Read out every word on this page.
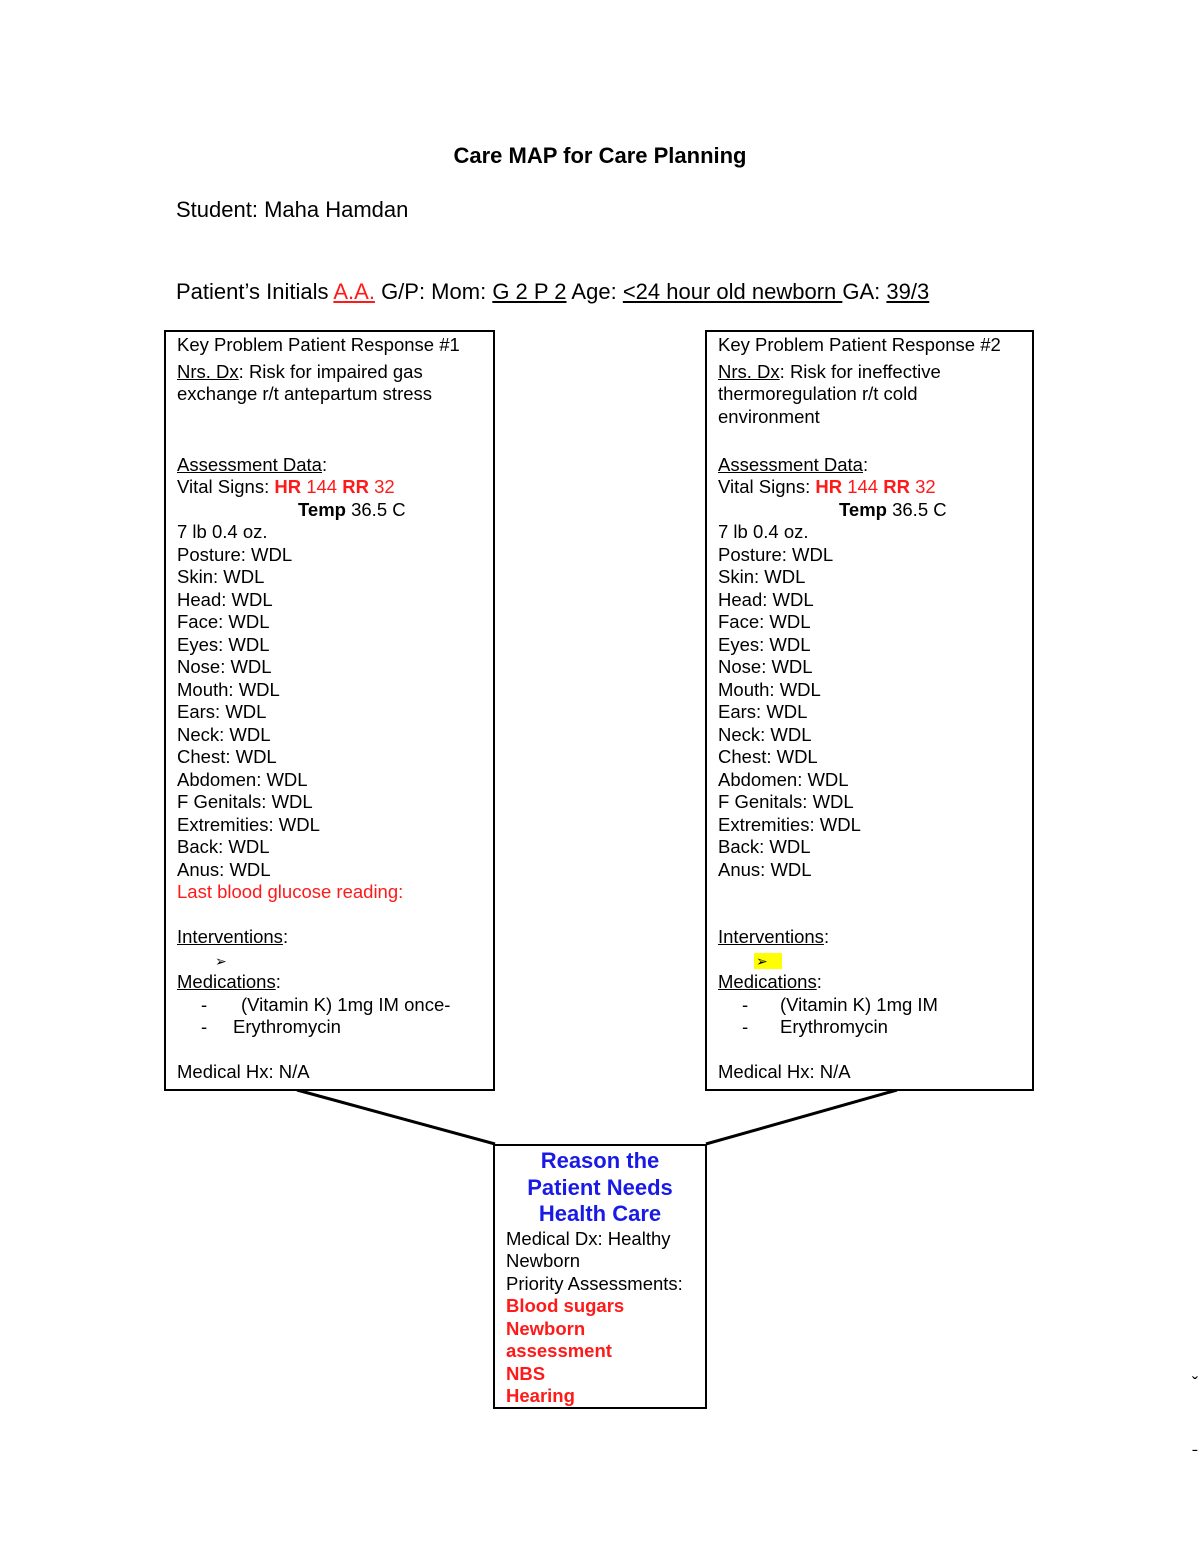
Care MAP for Care Planning
Student: Maha Hamdan
Patient’s Initials A.A. G/P: Mom: G 2 P 2 Age: <24 hour old newborn GA: 39/3
Key Problem Patient Response #1
Nrs. Dx: Risk for impaired gas
exchange r/t antepartum stress
Assessment Data:
Vital Signs: HR 144 RR 32
Temp 36.5 C
7 lb 0.4 oz.
Posture: WDL
Skin: WDL
Head: WDL
Face: WDL
Eyes: WDL
Nose: WDL
Mouth: WDL
Ears: WDL
Neck: WDL
Chest: WDL
Abdomen: WDL
F Genitals: WDL
Extremities: WDL
Back: WDL
Anus: WDL
Last blood glucose reading:
Interventions:
➢
Medications:
- (Vitamin K) 1mg IM once-
- Erythromycin
Medical Hx: N/A
Key Problem Patient Response #2
Nrs. Dx: Risk for ineffective
thermoregulation r/t cold
environment
Assessment Data:
Vital Signs: HR 144 RR 32
Temp 36.5 C
7 lb 0.4 oz.
Posture: WDL
Skin: WDL
Head: WDL
Face: WDL
Eyes: WDL
Nose: WDL
Mouth: WDL
Ears: WDL
Neck: WDL
Chest: WDL
Abdomen: WDL
F Genitals: WDL
Extremities: WDL
Back: WDL
Anus: WDL
Interventions:
➢
Medications:
- (Vitamin K) 1mg IM
- Erythromycin
Medical Hx: N/A
Reason the
Patient Needs
Health Care
Medical Dx: Healthy
Newborn
Priority Assessments:
Blood sugars
Newborn
assessment
NBS
Hearing
ˇ
ˉ
